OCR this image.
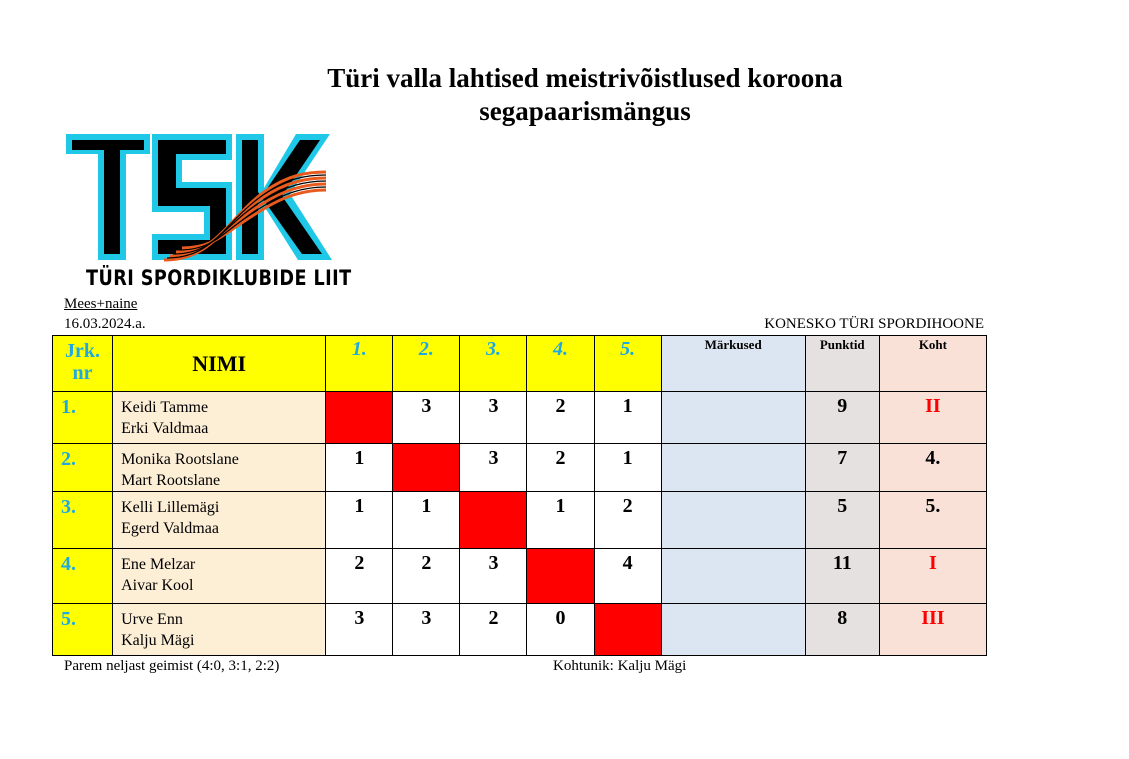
Türi valla lahtised meistrivõistlused koroona
segapaarismängus
TÜRI SPORDIKLUBIDE LIIT
Mees+naine
16.03.2024.a.	KONESKO TÜRI SPORDIHOONE
Jrk. nr	NIMI	1.	2.	3.	4.	5.	Märkused	Punktid	Koht
1.	Keidi Tamme
Erki Valdmaa		3	3	2	1		9	II
2.	Monika Rootslane
Mart Rootslane	1		3	2	1		7	4.
3.	Kelli Lillemägi
Egerd Valdmaa	1	1		1	2		5	5.
4.	Ene Melzar
Aivar Kool	2	2	3		4		11	I
5.	Urve Enn
Kalju Mägi	3	3	2	0			8	III
Parem neljast geimist (4:0, 3:1, 2:2)	Kohtunik: Kalju Mägi
